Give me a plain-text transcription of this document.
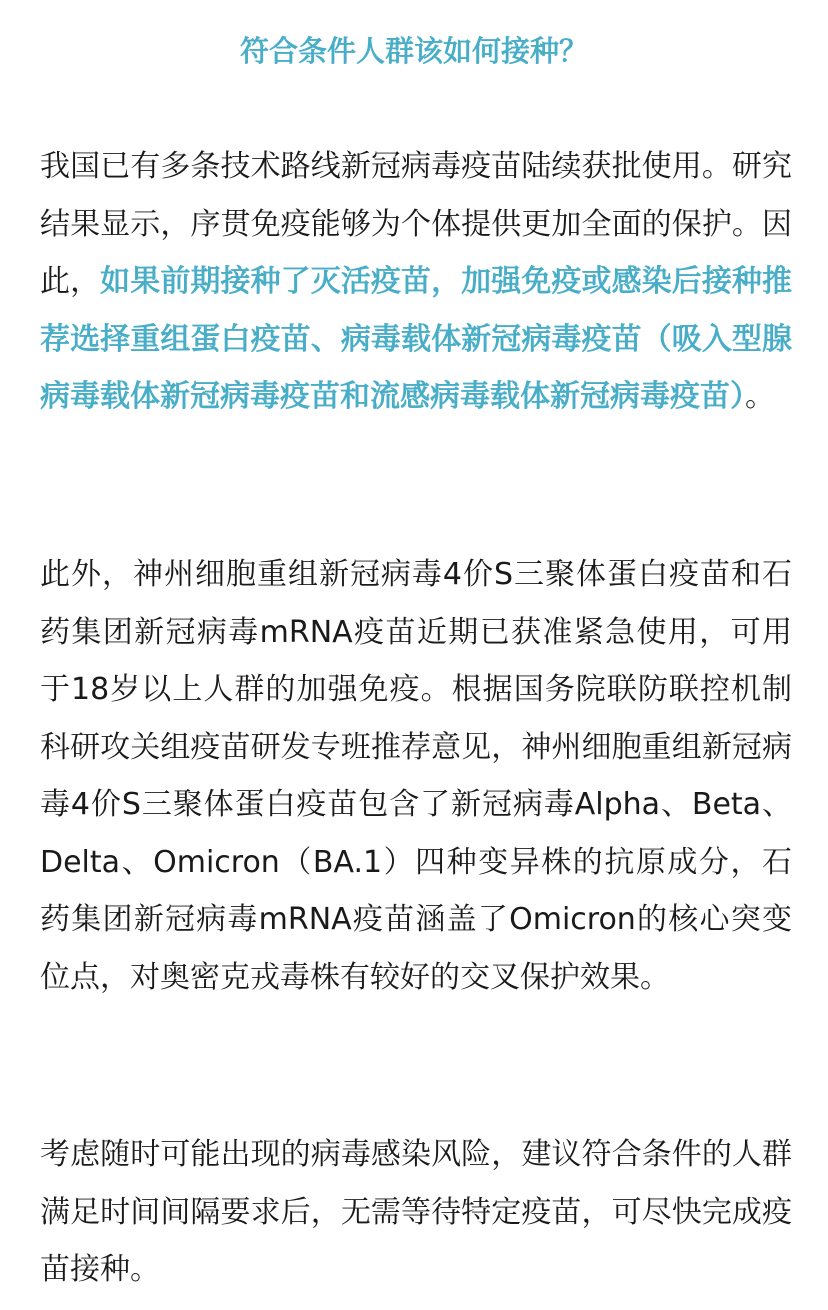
符合条件人群该如何接种？

我国已有多条技术路线新冠病毒疫苗陆续获批使用。研究结果显示，序贯免疫能够为个体提供更加全面的保护。因此，如果前期接种了灭活疫苗，加强免疫或感染后接种推荐选择重组蛋白疫苗、病毒载体新冠病毒疫苗（吸入型腺病毒载体新冠病毒疫苗和流感病毒载体新冠病毒疫苗）。

此外，神州细胞重组新冠病毒4价S三聚体蛋白疫苗和石药集团新冠病毒mRNA疫苗近期已获准紧急使用，可用于18岁以上人群的加强免疫。根据国务院联防联控机制科研攻关组疫苗研发专班推荐意见，神州细胞重组新冠病毒4价S三聚体蛋白疫苗包含了新冠病毒Alpha、Beta、Delta、Omicron（BA.1）四种变异株的抗原成分，石药集团新冠病毒mRNA疫苗涵盖了Omicron的核心突变位点，对奥密克戎毒株有较好的交叉保护效果。

考虑随时可能出现的病毒感染风险，建议符合条件的人群满足时间间隔要求后，无需等待特定疫苗，可尽快完成疫苗接种。
